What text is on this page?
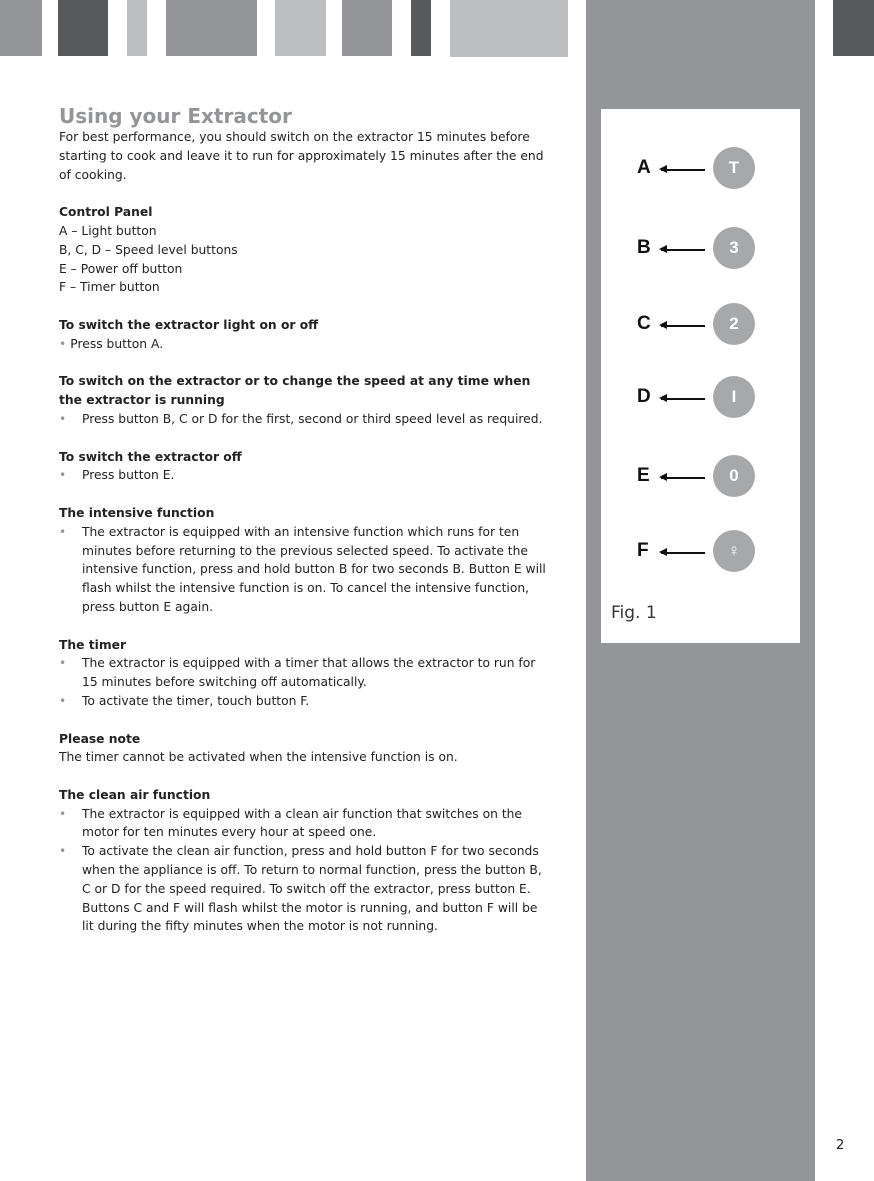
A	T
B	3
C	2
D	I
E	0
F	♀
Fig. 1
Using your Extractor

For best performance, you should switch on the extractor 15 minutes before starting to cook and leave it to run for approximately 15 minutes after the end of cooking.

Control Panel

A – Light button

B, C, D – Speed level buttons

E – Power off button

F – Timer button

To switch the extractor light on or off
• Press button A.
To switch on the extractor or to change the speed at any time when the extractor is running
• Press button B, C or D for the first, second or third speed level as required.
To switch the extractor off
• Press button E.
The intensive function
• The extractor is equipped with an intensive function which runs for ten minutes before returning to the previous selected speed. To activate the intensive function, press and hold button B for two seconds B. Button E will flash whilst the intensive function is on. To cancel the intensive function, press button E again.
The timer
• The extractor is equipped with a timer that allows the extractor to run for 15 minutes before switching off automatically.
• To activate the timer, touch button F.
Please note

The timer cannot be activated when the intensive function is on.

The clean air function
• The extractor is equipped with a clean air function that switches on the motor for ten minutes every hour at speed one.
• To activate the clean air function, press and hold button F for two seconds when the appliance is off. To return to normal function, press the button B, C or D for the speed required. To switch off the extractor, press button E. Buttons C and F will flash whilst the motor is running, and button F will be lit during the fifty minutes when the motor is not running.
2
